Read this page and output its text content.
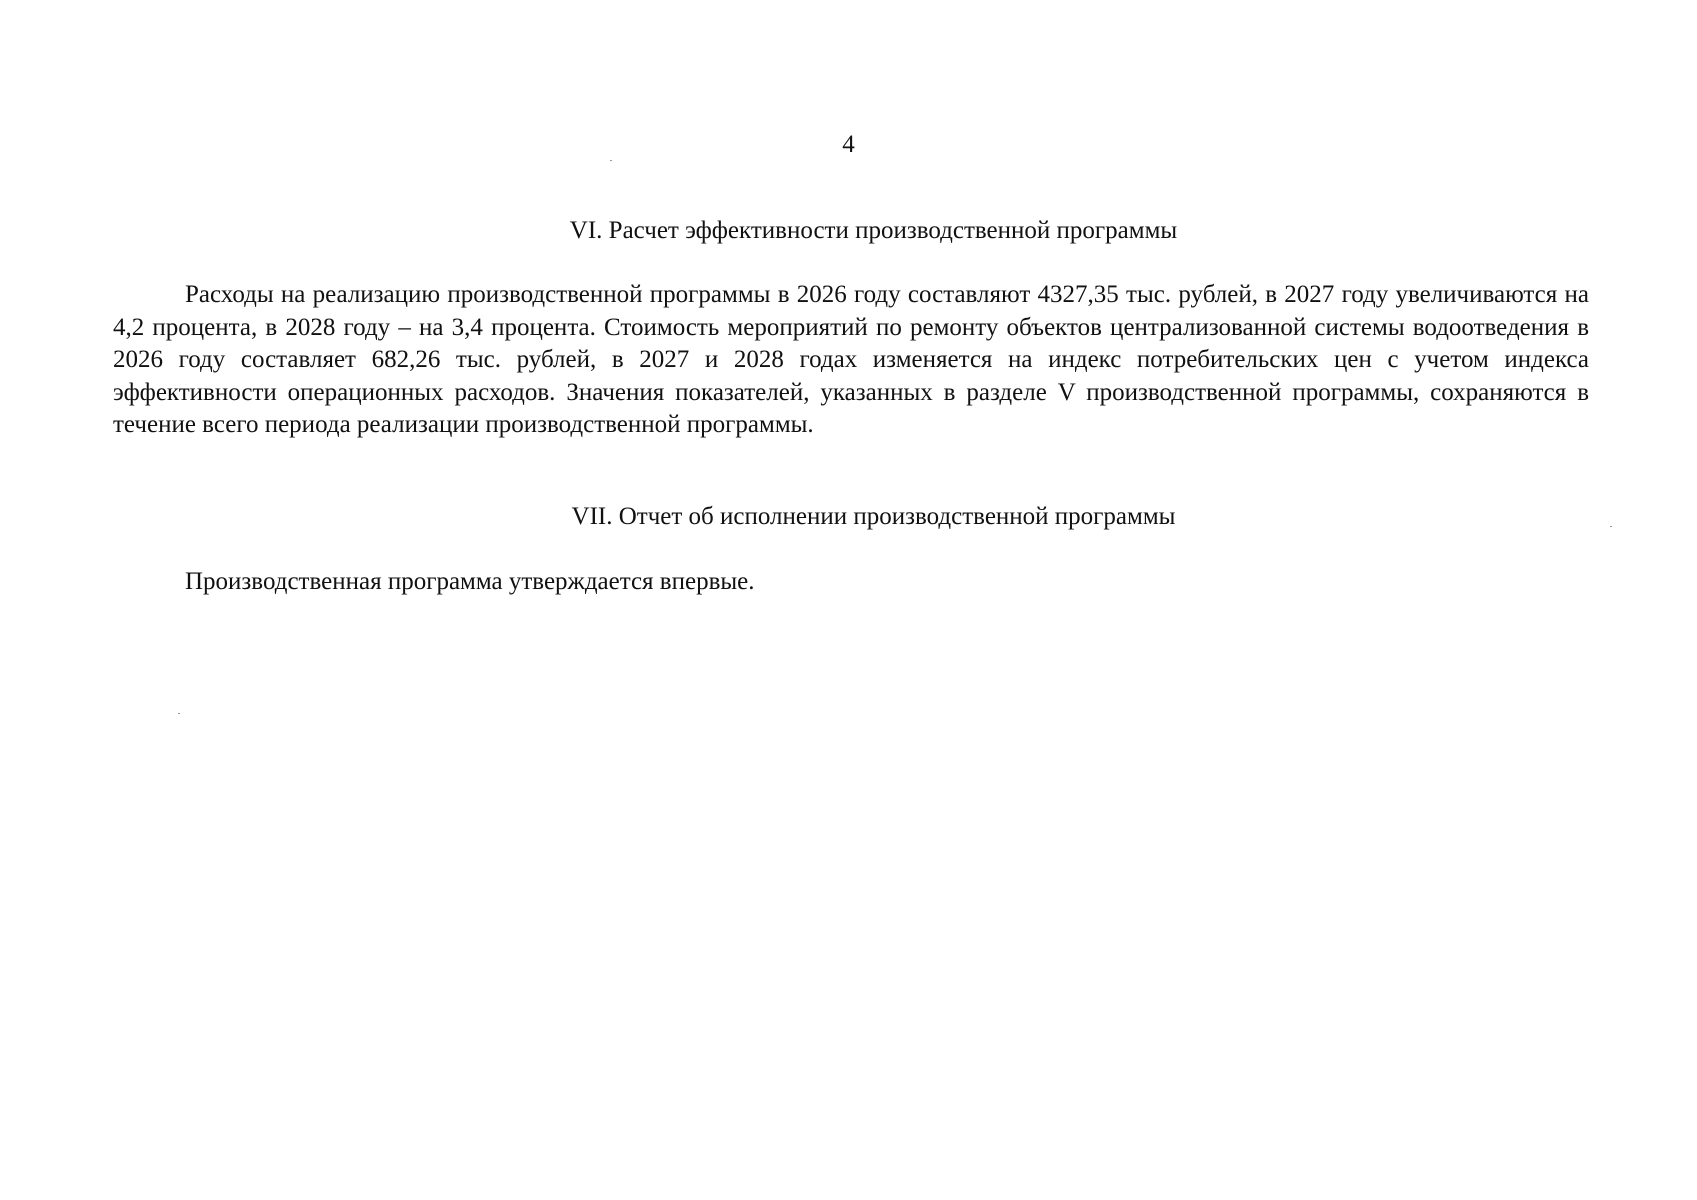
4
VI. Расчет эффективности производственной программы

Расходы на реализацию производственной программы в 2026 году составляют 4327,35 тыс. рублей, в 2027 году увеличиваются на 4,2 процента, в 2028 году – на 3,4 процента. Стоимость мероприятий по ремонту объектов централизованной системы водоотведения в 2026 году составляет 682,26 тыс. рублей, в 2027 и 2028 годах изменяется на индекс потребительских цен с учетом индекса эффективности операционных расходов. Значения показателей, указанных в разделе V производственной программы, сохраняются в течение всего периода реализации производственной программы.

VII. Отчет об исполнении производственной программы

Производственная программа утверждается впервые.
